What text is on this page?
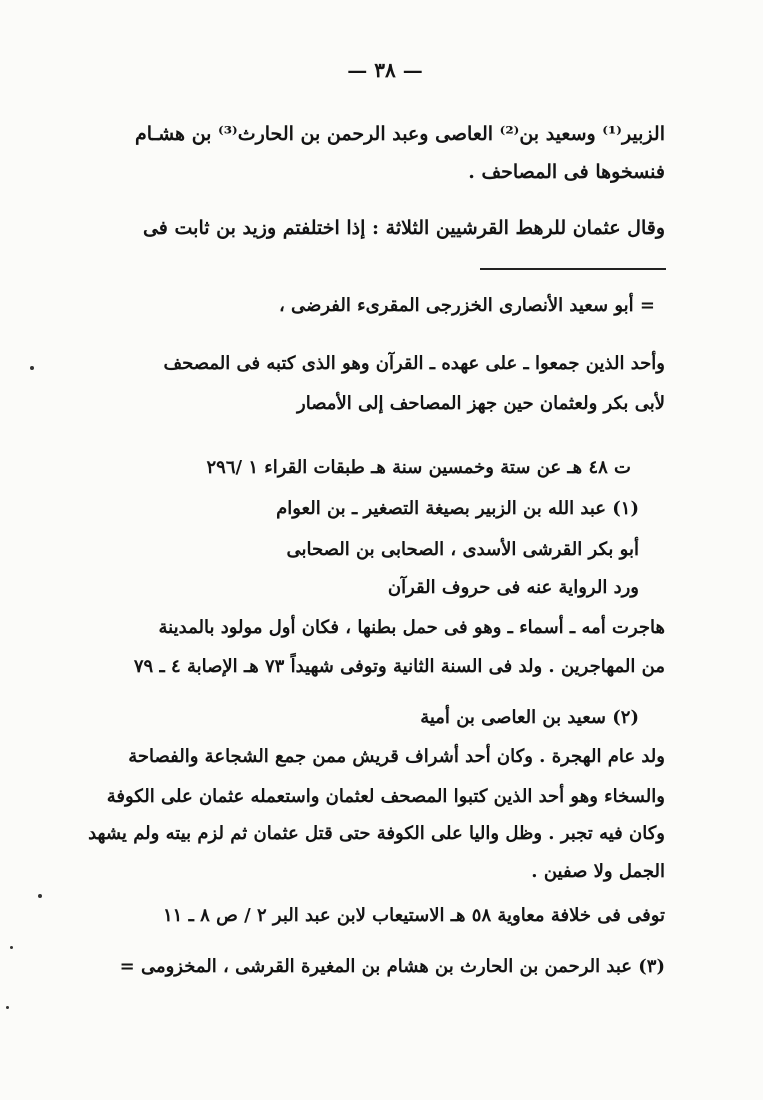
— ٣٨ —
الزبير⁽¹⁾ وسعيد بن⁽²⁾ العاصى وعبد الرحمن بن الحارث⁽³⁾ بن هشـام
فنسخوها فى المصاحف .
وقال عثمان للرهط القرشيين الثلاثة : إذا اختلفتم وزيد بن ثابت فى
= أبو سعيد الأنصارى الخزرجى المقرىء الفرضى ،
وأحد الذين جمعوا ـ على عهده ـ القرآن وهو الذى كتبه فى المصحف
لأبى بكر ولعثمان حين جهز المصاحف إلى الأمصار
ت ٤٨ هـ عن ستة وخمسين سنة هـ طبقات القراء ١ /٢٩٦
(١) عبد الله بن الزبير بصيغة التصغير ـ بن العوام
أبو بكر القرشى الأسدى ، الصحابى بن الصحابى
ورد الرواية عنه فى حروف القرآن
هاجرت أمه ـ أسماء ـ وهو فى حمل بطنها ، فكان أول مولود بالمدينة
من المهاجرين . ولد فى السنة الثانية وتوفى شهيداً ٧٣ هـ الإصابة ٤ ـ ٧٩
(٢) سعيد بن العاصى بن أمية
ولد عام الهجرة . وكان أحد أشراف قريش ممن جمع الشجاعة والفصاحة
والسخاء وهو أحد الذين كتبوا المصحف لعثمان واستعمله عثمان على الكوفة
وكان فيه تجبر . وظل واليا على الكوفة حتى قتل عثمان ثم لزم بيته ولم يشهد
الجمل ولا صفين .
توفى فى خلافة معاوية ٥٨ هـ الاستيعاب لابن عبد البر ٢ / ص ٨ ـ ١١
(٣) عبد الرحمن بن الحارث بن هشام بن المغيرة القرشى ، المخزومى =
